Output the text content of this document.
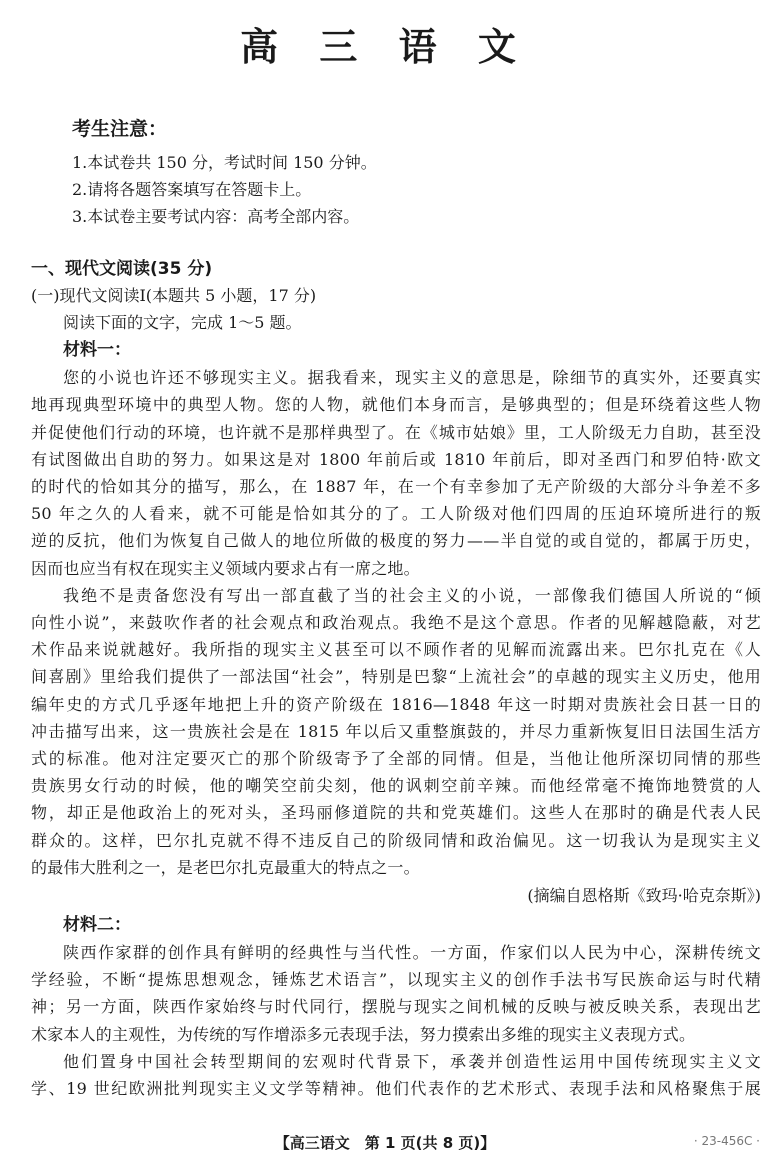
高 三 语 文
考生注意：
1.本试卷共 150 分，考试时间 150 分钟。
2.请将各题答案填写在答题卡上。
3.本试卷主要考试内容：高考全部内容。
一、现代文阅读(35 分)
(一)现代文阅读Ⅰ(本题共 5 小题，17 分)
阅读下面的文字，完成 1～5 题。
材料一：
您的小说也许还不够现实主义。据我看来，现实主义的意思是，除细节的真实外，还要真实
地再现典型环境中的典型人物。您的人物，就他们本身而言，是够典型的；但是环绕着这些人物
并促使他们行动的环境，也许就不是那样典型了。在《城市姑娘》里，工人阶级无力自助，甚至没
有试图做出自助的努力。如果这是对 1800 年前后或 1810 年前后，即对圣西门和罗伯特·欧文
的时代的恰如其分的描写，那么，在 1887 年，在一个有幸参加了无产阶级的大部分斗争差不多
50 年之久的人看来，就不可能是恰如其分的了。工人阶级对他们四周的压迫环境所进行的叛
逆的反抗，他们为恢复自己做人的地位所做的极度的努力——半自觉的或自觉的，都属于历史，
因而也应当有权在现实主义领域内要求占有一席之地。
我绝不是责备您没有写出一部直截了当的社会主义的小说，一部像我们德国人所说的“倾
向性小说”，来鼓吹作者的社会观点和政治观点。我绝不是这个意思。作者的见解越隐蔽，对艺
术作品来说就越好。我所指的现实主义甚至可以不顾作者的见解而流露出来。巴尔扎克在《人
间喜剧》里给我们提供了一部法国“社会”，特别是巴黎“上流社会”的卓越的现实主义历史，他用
编年史的方式几乎逐年地把上升的资产阶级在 1816—1848 年这一时期对贵族社会日甚一日的
冲击描写出来，这一贵族社会是在 1815 年以后又重整旗鼓的，并尽力重新恢复旧日法国生活方
式的标准。他对注定要灭亡的那个阶级寄予了全部的同情。但是，当他让他所深切同情的那些
贵族男女行动的时候，他的嘲笑空前尖刻，他的讽刺空前辛辣。而他经常毫不掩饰地赞赏的人
物，却正是他政治上的死对头，圣玛丽修道院的共和党英雄们。这些人在那时的确是代表人民
群众的。这样，巴尔扎克就不得不违反自己的阶级同情和政治偏见。这一切我认为是现实主义
的最伟大胜利之一，是老巴尔扎克最重大的特点之一。
(摘编自恩格斯《致玛·哈克奈斯》)
材料二：
陕西作家群的创作具有鲜明的经典性与当代性。一方面，作家们以人民为中心，深耕传统文
学经验，不断“提炼思想观念，锤炼艺术语言”，以现实主义的创作手法书写民族命运与时代精
神；另一方面，陕西作家始终与时代同行，摆脱与现实之间机械的反映与被反映关系，表现出艺
术家本人的主观性，为传统的写作增添多元表现手法，努力摸索出多维的现实主义表现方式。
他们置身中国社会转型期间的宏观时代背景下，承袭并创造性运用中国传统现实主义文
学、19 世纪欧洲批判现实主义文学等精神。他们代表作的艺术形式、表现手法和风格聚焦于展
【高三语文　第 1 页(共 8 页)】	· 23-456C ·
